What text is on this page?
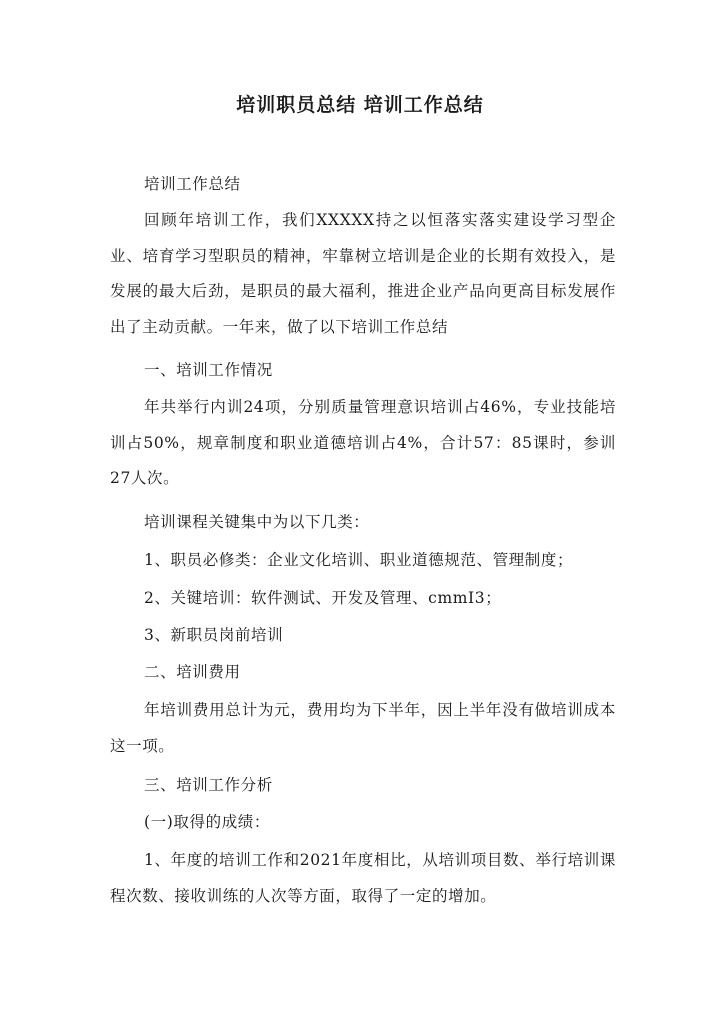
培训职员总结 培训工作总结

培训工作总结

回顾年培训工作，我们XXXXX持之以恒落实落实建设学习型企业、培育学习型职员的精神，牢靠树立培训是企业的长期有效投入，是发展的最大后劲，是职员的最大福利，推进企业产品向更高目标发展作出了主动贡献。一年来，做了以下培训工作总结

一、培训工作情况

年共举行内训24项，分别质量管理意识培训占46%，专业技能培训占50%，规章制度和职业道德培训占4%，合计57：85课时，参训27人次。

培训课程关键集中为以下几类：

1、职员必修类：企业文化培训、职业道德规范、管理制度；

2、关键培训：软件测试、开发及管理、cmmI3；

3、新职员岗前培训

二、培训费用

年培训费用总计为元，费用均为下半年，因上半年没有做培训成本这一项。

三、培训工作分析

(一)取得的成绩：

1、年度的培训工作和2021年度相比，从培训项目数、举行培训课程次数、接收训练的人次等方面，取得了一定的增加。
